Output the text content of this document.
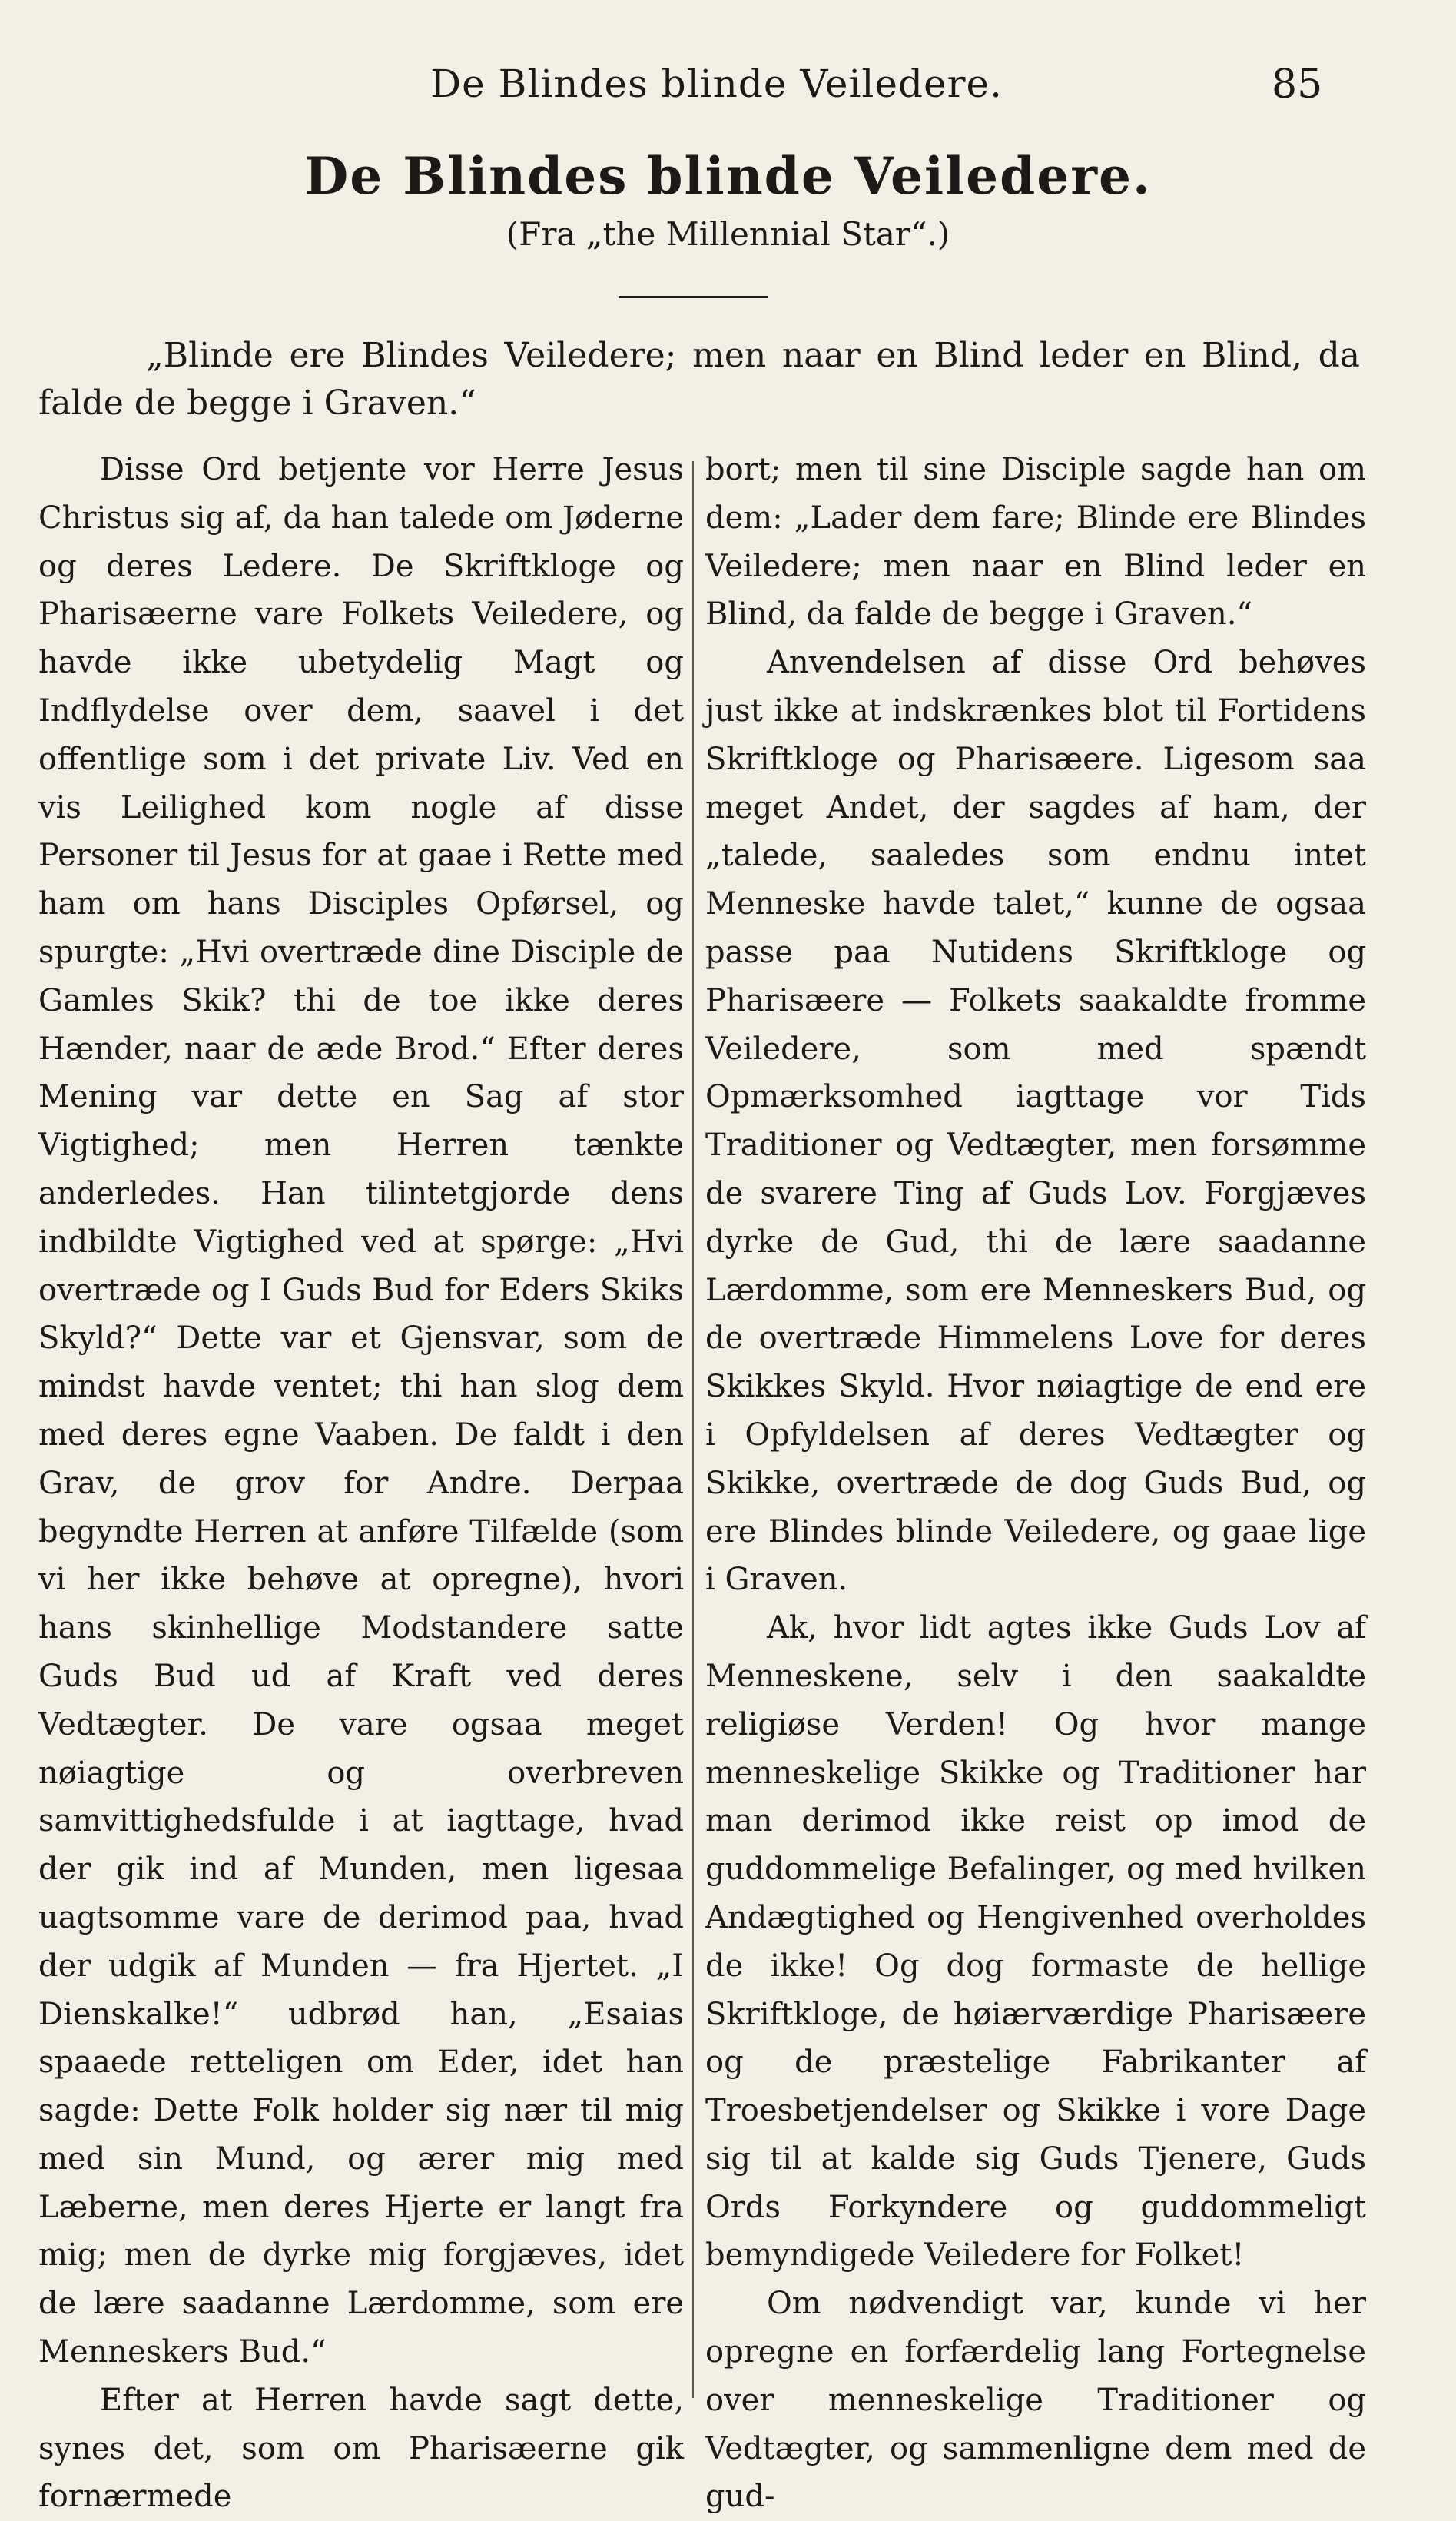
De Blindes blinde Veiledere.	85
De Blindes blinde Veiledere.
(Fra „the Millennial Star“.)

„Blinde ere Blindes Veiledere; men naar en Blind leder en Blind, da falde de begge i Graven.“

Disse Ord betjente vor Herre Jesus Christus sig af, da han talede om Jøderne og deres Ledere. De Skriftkloge og Pharisæerne vare Folkets Veiledere, og havde ikke ubetydelig Magt og Indflydelse over dem, saavel i det offentlige som i det private Liv. Ved en vis Leilighed kom nogle af disse Personer til Jesus for at gaae i Rette med ham om hans Disciples Opførsel, og spurgte: „Hvi overtræde dine Disciple de Gamles Skik? thi de toe ikke deres Hænder, naar de æde Brod.“ Efter deres Mening var dette en Sag af stor Vigtighed; men Herren tænkte anderledes. Han tilintetgjorde dens indbildte Vigtighed ved at spørge: „Hvi overtræde og I Guds Bud for Eders Skiks Skyld?“ Dette var et Gjensvar, som de mindst havde ventet; thi han slog dem med deres egne Vaaben. De faldt i den Grav, de grov for Andre. Derpaa begyndte Herren at anføre Tilfælde (som vi her ikke behøve at opregne), hvori hans skinhellige Modstandere satte Guds Bud ud af Kraft ved deres Vedtægter. De vare ogsaa meget nøiagtige og overbreven samvittighedsfulde i at iagttage, hvad der gik ind af Munden, men ligesaa uagtsomme vare de derimod paa, hvad der udgik af Munden — fra Hjertet. „I Dienskalke!“ udbrød han, „Esaias spaaede retteligen om Eder, idet han sagde: Dette Folk holder sig nær til mig med sin Mund, og ærer mig med Læberne, men deres Hjerte er langt fra mig; men de dyrke mig forgjæves, idet de lære saadanne Lærdomme, som ere Menneskers Bud.“

Efter at Herren havde sagt dette, synes det, som om Pharisæerne gik fornærmede

bort; men til sine Disciple sagde han om dem: „Lader dem fare; Blinde ere Blindes Veiledere; men naar en Blind leder en Blind, da falde de begge i Graven.“

Anvendelsen af disse Ord behøves just ikke at indskrænkes blot til Fortidens Skriftkloge og Pharisæere. Ligesom saa meget Andet, der sagdes af ham, der „talede, saaledes som endnu intet Menneske havde talet,“ kunne de ogsaa passe paa Nutidens Skriftkloge og Pharisæere — Folkets saakaldte fromme Veiledere, som med spændt Opmærksomhed iagttage vor Tids Traditioner og Vedtægter, men forsømme de svarere Ting af Guds Lov. Forgjæves dyrke de Gud, thi de lære saadanne Lærdomme, som ere Menneskers Bud, og de overtræde Himmelens Love for deres Skikkes Skyld. Hvor nøiagtige de end ere i Opfyldelsen af deres Vedtægter og Skikke, overtræde de dog Guds Bud, og ere Blindes blinde Veiledere, og gaae lige i Graven.

Ak, hvor lidt agtes ikke Guds Lov af Menneskene, selv i den saakaldte religiøse Verden! Og hvor mange menneskelige Skikke og Traditioner har man derimod ikke reist op imod de guddommelige Befalinger, og med hvilken Andægtighed og Hengivenhed overholdes de ikke! Og dog formaste de hellige Skriftkloge, de høiærværdige Pharisæere og de præstelige Fabrikanter af Troesbetjendelser og Skikke i vore Dage sig til at kalde sig Guds Tjenere, Guds Ords Forkyndere og guddommeligt bemyndigede Veiledere for Folket!

Om nødvendigt var, kunde vi her opregne en forfærdelig lang Fortegnelse over menneskelige Traditioner og Vedtægter, og sammenligne dem med de gud-
